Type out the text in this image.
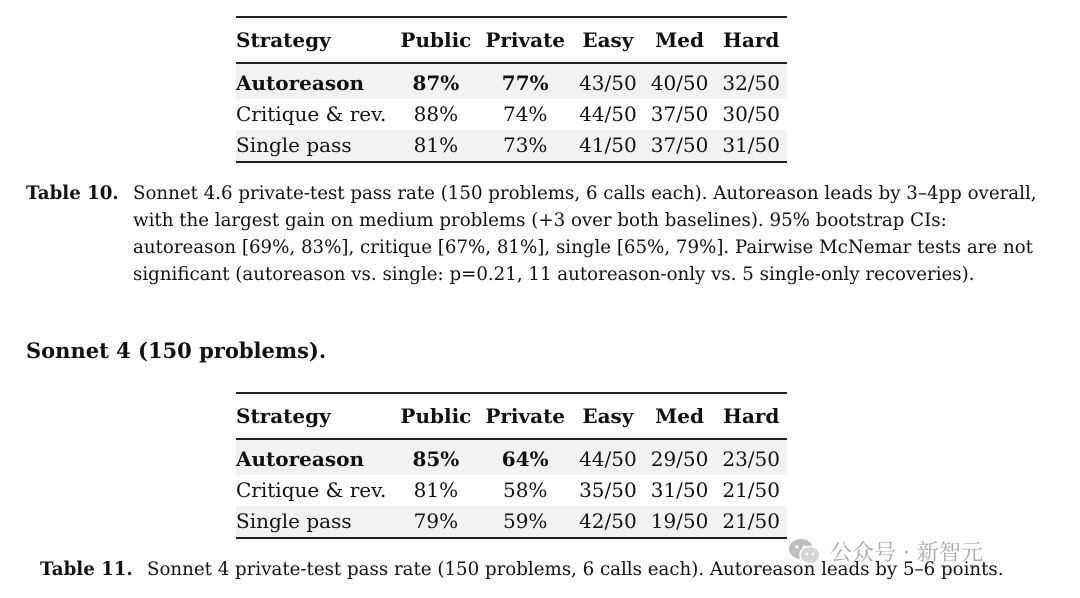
Strategy	Public	Private	Easy	Med	Hard
Autoreason	87%	77%	43/50	40/50	32/50
Critique & rev.	88%	74%	44/50	37/50	30/50
Single pass	81%	73%	41/50	37/50	31/50
Table 10. Sonnet 4.6 private-test pass rate (150 problems, 6 calls each). Autoreason leads by 3–4pp overall, with the largest gain on medium problems (+3 over both baselines). 95% bootstrap CIs: autoreason [69%, 83%], critique [67%, 81%], single [65%, 79%]. Pairwise McNemar tests are not significant (autoreason vs. single: p=0.21, 11 autoreason-only vs. 5 single-only recoveries).
Sonnet 4 (150 problems).
Strategy	Public	Private	Easy	Med	Hard
Autoreason	85%	64%	44/50	29/50	23/50
Critique & rev.	81%	58%	35/50	31/50	21/50
Single pass	79%	59%	42/50	19/50	21/50
公众号 · 新智元
Table 11. Sonnet 4 private-test pass rate (150 problems, 6 calls each). Autoreason leads by 5–6 points.
